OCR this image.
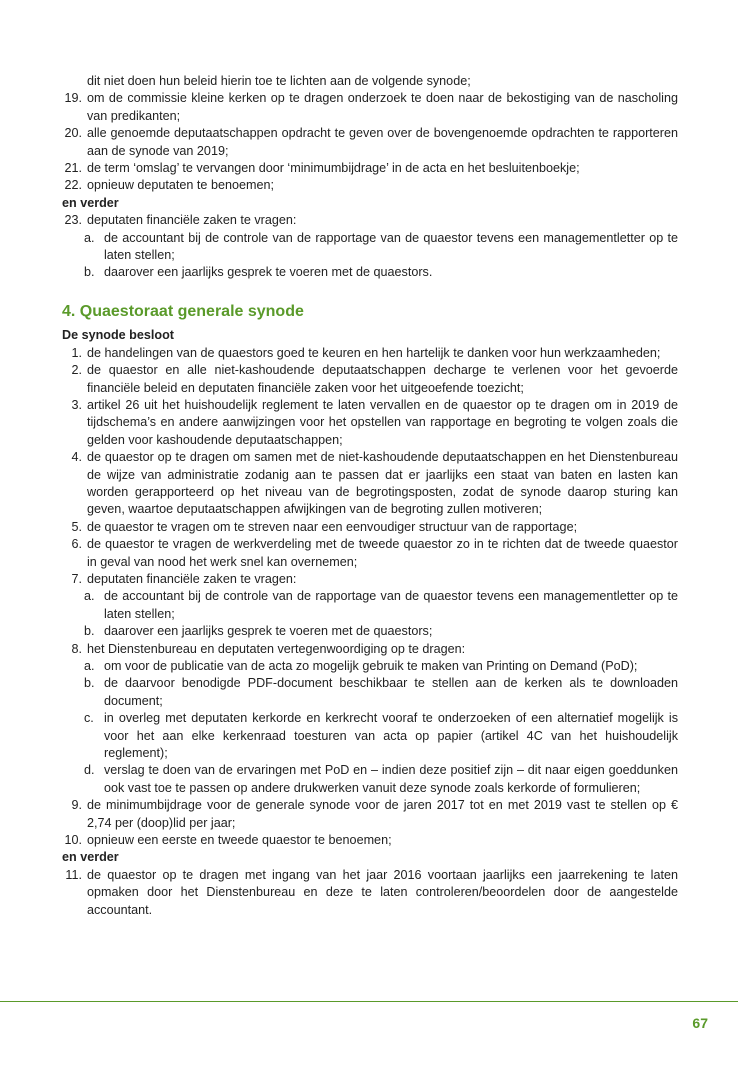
dit niet doen hun beleid hierin toe te lichten aan de volgende synode;
19. om de commissie kleine kerken op te dragen onderzoek te doen naar de bekostiging van de nascholing van predikanten;
20. alle genoemde deputaatschappen opdracht te geven over de bovengenoemde opdrachten te rapporteren aan de synode van 2019;
21. de term ‘omslag’ te vervangen door ‘minimumbijdrage’ in de acta en het besluitenboekje;
22. opnieuw deputaten te benoemen;
en verder
23. deputaten financiële zaken te vragen:
a. de accountant bij de controle van de rapportage van de quaestor tevens een managementletter op te laten stellen;
b. daarover een jaarlijks gesprek te voeren met de quaestors.
4. Quaestoraat generale synode
De synode besloot
1. de handelingen van de quaestors goed te keuren en hen hartelijk te danken voor hun werkzaamheden;
2. de quaestor en alle niet-kashoudende deputaatschappen decharge te verlenen voor het gevoerde financiële beleid en deputaten financiële zaken voor het uitgeoefende toezicht;
3. artikel 26 uit het huishoudelijk reglement te laten vervallen en de quaestor op te dragen om in 2019 de tijdschema’s en andere aanwijzingen voor het opstellen van rapportage en begroting te volgen zoals die gelden voor kashoudende deputaatschappen;
4. de quaestor op te dragen om samen met de niet-kashoudende deputaatschappen en het Dienstenbureau de wijze van administratie zodanig aan te passen dat er jaarlijks een staat van baten en lasten kan worden gerapporteerd op het niveau van de begrotingsposten, zodat de synode daarop sturing kan geven, waartoe deputaatschappen afwijkingen van de begroting zullen motiveren;
5. de quaestor te vragen om te streven naar een eenvoudiger structuur van de rapportage;
6. de quaestor te vragen de werkverdeling met de tweede quaestor zo in te richten dat de tweede quaestor in geval van nood het werk snel kan overnemen;
7. deputaten financiële zaken te vragen:
a. de accountant bij de controle van de rapportage van de quaestor tevens een managementletter op te laten stellen;
b. daarover een jaarlijks gesprek te voeren met de quaestors;
8. het Dienstenbureau en deputaten vertegenwoordiging op te dragen:
a. om voor de publicatie van de acta zo mogelijk gebruik te maken van Printing on Demand (PoD);
b. de daarvoor benodigde PDF-document beschikbaar te stellen aan de kerken als te downloaden document;
c. in overleg met deputaten kerkorde en kerkrecht vooraf te onderzoeken of een alternatief mogelijk is voor het aan elke kerkenraad toesturen van acta op papier (artikel 4C van het huishoudelijk reglement);
d. verslag te doen van de ervaringen met PoD en – indien deze positief zijn – dit naar eigen goeddunken ook vast toe te passen op andere drukwerken vanuit deze synode zoals kerkorde of formulieren;
9. de minimumbijdrage voor de generale synode voor de jaren 2017 tot en met 2019 vast te stellen op € 2,74 per (doop)lid per jaar;
10. opnieuw een eerste en tweede quaestor te benoemen;
en verder
11. de quaestor op te dragen met ingang van het jaar 2016 voortaan jaarlijks een jaarrekening te laten opmaken door het Dienstenbureau en deze te laten controleren/beoordelen door de aangestelde accountant.
67
